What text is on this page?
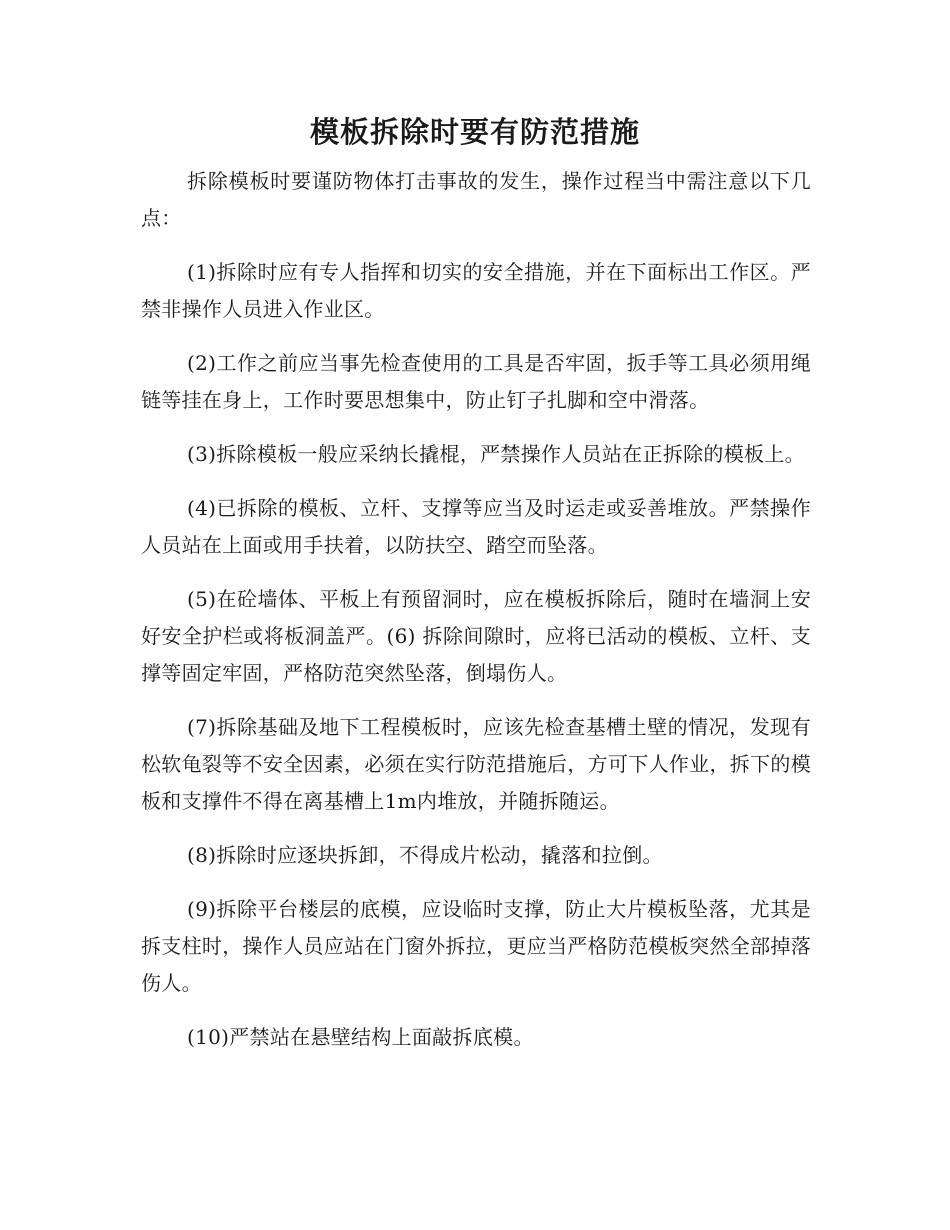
模板拆除时要有防范措施

拆除模板时要谨防物体打击事故的发生，操作过程当中需注意以下几点：

(1)拆除时应有专人指挥和切实的安全措施，并在下面标出工作区。严禁非操作人员进入作业区。

(2)工作之前应当事先检查使用的工具是否牢固，扳手等工具必须用绳链等挂在身上，工作时要思想集中，防止钉子扎脚和空中滑落。

(3)拆除模板一般应采纳长撬棍，严禁操作人员站在正拆除的模板上。

(4)已拆除的模板、立杆、支撑等应当及时运走或妥善堆放。严禁操作人员站在上面或用手扶着，以防扶空、踏空而坠落。

(5)在砼墙体、平板上有预留洞时，应在模板拆除后，随时在墙洞上安好安全护栏或将板洞盖严。(6) 拆除间隙时，应将已活动的模板、立杆、支撑等固定牢固，严格防范突然坠落，倒塌伤人。

(7)拆除基础及地下工程模板时，应该先检查基槽土壁的情况，发现有松软龟裂等不安全因素，必须在实行防范措施后，方可下人作业，拆下的模板和支撑件不得在离基槽上1m内堆放，并随拆随运。

(8)拆除时应逐块拆卸，不得成片松动，撬落和拉倒。

(9)拆除平台楼层的底模，应设临时支撑，防止大片模板坠落，尤其是拆支柱时，操作人员应站在门窗外拆拉，更应当严格防范模板突然全部掉落伤人。

(10)严禁站在悬壁结构上面敲拆底模。
